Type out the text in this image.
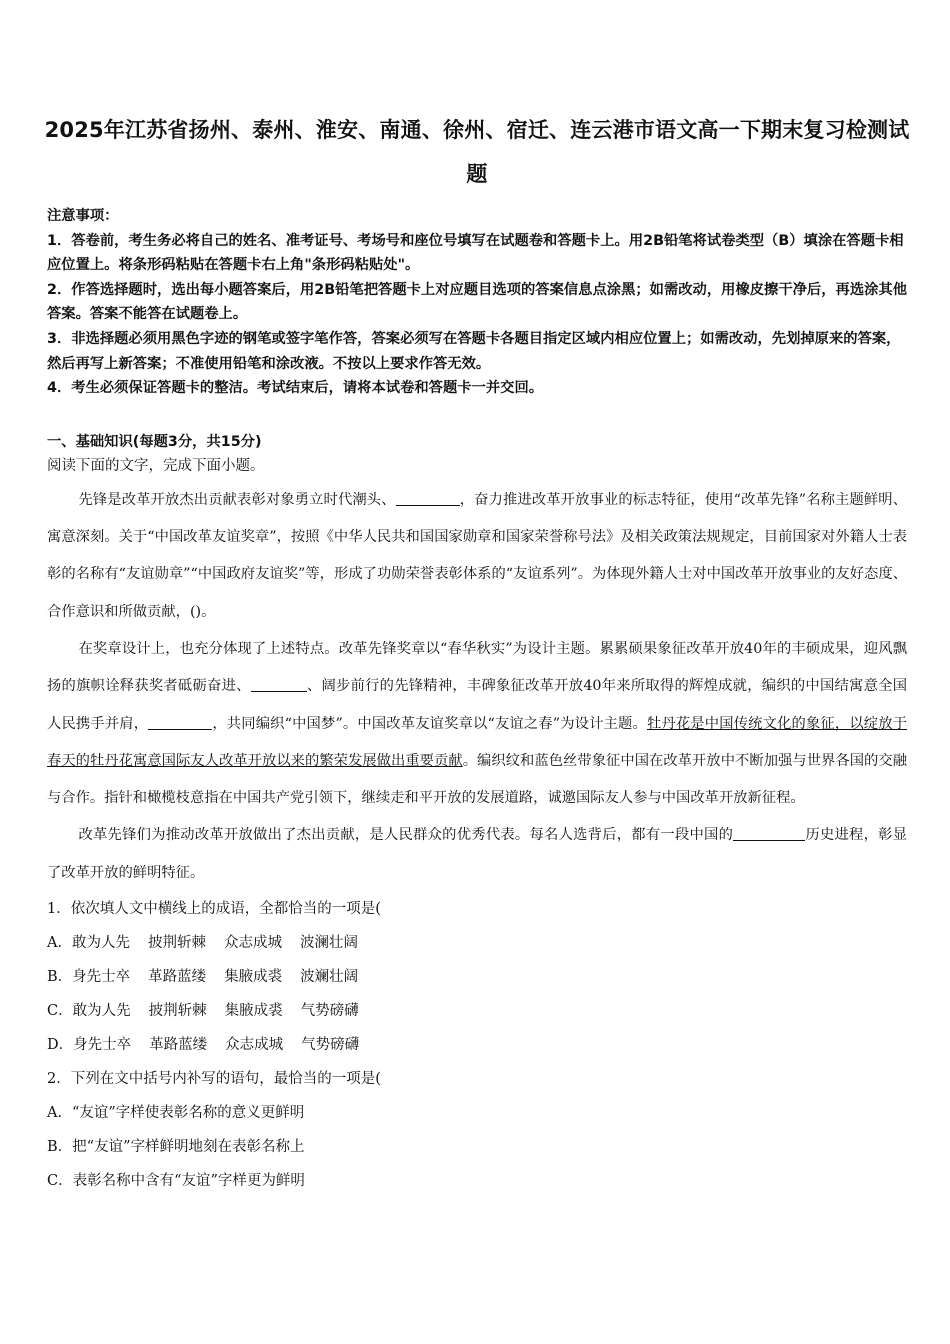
2025年江苏省扬州、泰州、淮安、南通、徐州、宿迁、连云港市语文高一下期末复习检测试题

注意事项：

1．答卷前，考生务必将自己的姓名、准考证号、考场号和座位号填写在试题卷和答题卡上。用2B铅笔将试卷类型（B）填涂在答题卡相应位置上。将条形码粘贴在答题卡右上角"条形码粘贴处"。

2．作答选择题时，选出每小题答案后，用2B铅笔把答题卡上对应题目选项的答案信息点涂黑；如需改动，用橡皮擦干净后，再选涂其他答案。答案不能答在试题卷上。

3．非选择题必须用黑色字迹的钢笔或签字笔作答，答案必须写在答题卡各题目指定区域内相应位置上；如需改动，先划掉原来的答案，然后再写上新答案；不准使用铅笔和涂改液。不按以上要求作答无效。

4．考生必须保证答题卡的整洁。考试结束后，请将本试卷和答题卡一并交回。

一、基础知识(每题3分，共15分)

阅读下面的文字，完成下面小题。

先锋是改革开放杰出贡献表彰对象勇立时代潮头、	，奋力推进改革开放事业的标志特征，使用“改革先锋”名称主题鲜明、寓意深刻。关于“中国改革友谊奖章”，按照《中华人民共和国国家勋章和国家荣誉称号法》及相关政策法规规定，目前国家对外籍人士表彰的名称有“友谊勋章”“中国政府友谊奖”等，形成了功勋荣誉表彰体系的“友谊系列”。为体现外籍人士对中国改革开放事业的友好态度、合作意识和所做贡献，()。

在奖章设计上，也充分体现了上述特点。改革先锋奖章以“春华秋实”为设计主题。累累硕果象征改革开放40年的丰硕成果，迎风飘扬的旗帜诠释获奖者砥砺奋进、	、阔步前行的先锋精神，丰碑象征改革开放40年来所取得的辉煌成就，编织的中国结寓意全国人民携手并肩，	，共同编织“中国梦”。中国改革友谊奖章以“友谊之春”为设计主题。牡丹花是中国传统文化的象征，以绽放于春天的牡丹花寓意国际友人改革开放以来的繁荣发展做出重要贡献。编织纹和蓝色丝带象征中国在改革开放中不断加强与世界各国的交融与合作。指针和橄榄枝意指在中国共产党引领下，继续走和平开放的发展道路，诚邀国际友人参与中国改革开放新征程。

改革先锋们为推动改革开放做出了杰出贡献，是人民群众的优秀代表。每名人选背后，都有一段中国的	历史进程，彰显了改革开放的鲜明特征。

1．依次填人文中横线上的成语，全都恰当的一项是(

A．敢为人先 披荆斩棘 众志成城 波澜壮阔

B．身先士卒 革路蓝缕 集腋成裘 波斓壮阔

C．敢为人先 披荆斩棘 集腋成裘 气势磅礴

D．身先士卒 革路蓝缕 众志成城 气势磅礴

2．下列在文中括号内补写的语句，最恰当的一项是(

A．“友谊”字样使表彰名称的意义更鲜明

B．把“友谊”字样鲜明地刻在表彰名称上

C．表彰名称中含有“友谊”字样更为鲜明
